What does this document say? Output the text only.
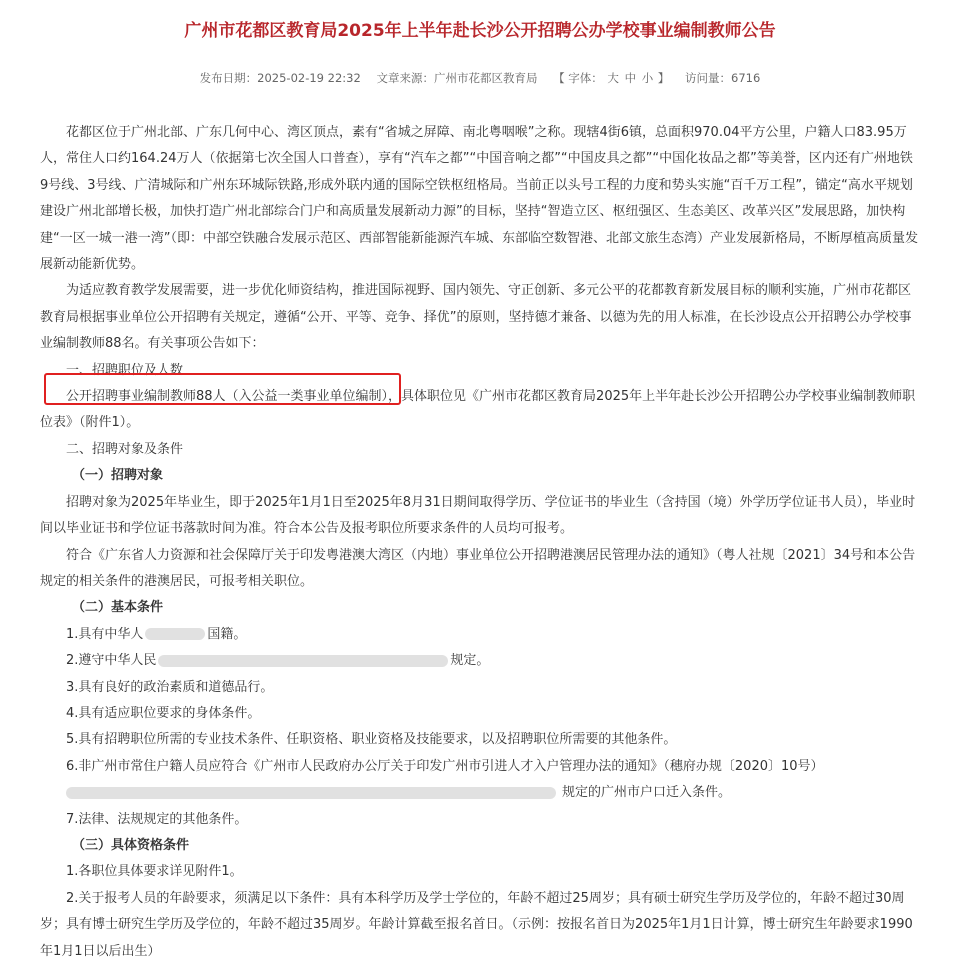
广州市花都区教育局2025年上半年赴长沙公开招聘公办学校事业编制教师公告
发布日期：2025-02-19 22:32 文章来源：广州市花都区教育局 【 字体： 大 中 小 】 访问量：6716

花都区位于广州北部、广东几何中心、湾区顶点，素有“省城之屏障、南北粤咽喉”之称。现辖4街6镇，总面积970.04平方公里，户籍人口83.95万人，常住人口约164.24万人（依据第七次全国人口普查），享有“汽车之都”“中国音响之都”“中国皮具之都”“中国化妆品之都”等美誉，区内还有广州地铁9号线、3号线、广清城际和广州东环城际铁路,形成外联内通的国际空铁枢纽格局。当前正以头号工程的力度和势头实施“百千万工程”，锚定“高水平规划建设广州北部增长极，加快打造广州北部综合门户和高质量发展新动力源”的目标，坚持“智造立区、枢纽强区、生态美区、改革兴区”发展思路，加快构建“一区一城一港一湾”（即：中部空铁融合发展示范区、西部智能新能源汽车城、东部临空数智港、北部文旅生态湾）产业发展新格局，不断厚植高质量发展新动能新优势。

为适应教育教学发展需要，进一步优化师资结构，推进国际视野、国内领先、守正创新、多元公平的花都教育新发展目标的顺利实施，广州市花都区教育局根据事业单位公开招聘有关规定，遵循“公开、平等、竞争、择优”的原则，坚持德才兼备、以德为先的用人标准，在长沙设点公开招聘公办学校事业编制教师88名。有关事项公告如下：

一、招聘职位及人数

公开招聘事业编制教师88人（入公益一类事业单位编制），具体职位见《广州市花都区教育局2025年上半年赴长沙公开招聘公办学校事业编制教师职位表》（附件1）。

二、招聘对象及条件

（一）招聘对象

招聘对象为2025年毕业生，即于2025年1月1日至2025年8月31日期间取得学历、学位证书的毕业生（含持国（境）外学历学位证书人员），毕业时间以毕业证书和学位证书落款时间为准。符合本公告及报考职位所要求条件的人员均可报考。

符合《广东省人力资源和社会保障厅关于印发粤港澳大湾区（内地）事业单位公开招聘港澳居民管理办法的通知》（粤人社规〔2021〕34号和本公告规定的相关条件的港澳居民，可报考相关职位。

（二）基本条件

1.具有中华人	国籍。

2.遵守中华人民	规定。

3.具有良好的政治素质和道德品行。

4.具有适应职位要求的身体条件。

5.具有招聘职位所需的专业技术条件、任职资格、职业资格及技能要求，以及招聘职位所需要的其他条件。

6.非广州市常住户籍人员应符合《广州市人民政府办公厅关于印发广州市引进人才入户管理办法的通知》（穗府办规〔2020〕10号）

规定的广州市户口迁入条件。

7.法律、法规规定的其他条件。

（三）具体资格条件

1.各职位具体要求详见附件1。

2.关于报考人员的年龄要求，须满足以下条件：具有本科学历及学士学位的，年龄不超过25周岁；具有硕士研究生学历及学位的，年龄不超过30周岁；具有博士研究生学历及学位的，年龄不超过35周岁。年龄计算截至报名首日。（示例：按报名首日为2025年1月1日计算，博士研究生年龄要求1990年1月1日以后出生）
